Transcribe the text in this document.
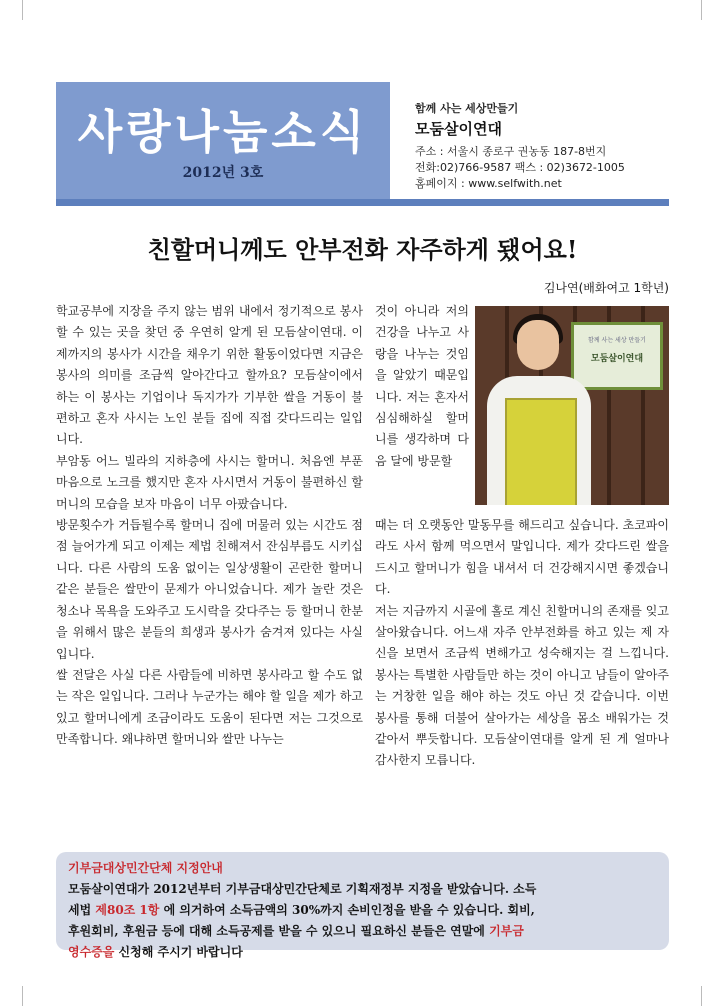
사랑나눔소식
2012년 3호
함께 사는 세상만들기
모둠살이연대
주소 : 서울시 종로구 권농동 187-8번지
전화:02)766-9587 팩스 : 02)3672-1005
홈페이지 : www.selfwith.net
친할머니께도 안부전화 자주하게 됐어요!
김나연(배화여고 1학년)

학교공부에 지장을 주지 않는 범위 내에서 정기적으로 봉사할 수 있는 곳을 찾던 중 우연히 알게 된 모듬살이연대. 이제까지의 봉사가 시간을 채우기 위한 활동이었다면 지금은 봉사의 의미를 조금씩 알아간다고 할까요? 모듬살이에서 하는 이 봉사는 기업이나 독지가가 기부한 쌀을 거동이 불편하고 혼자 사시는 노인 분들 집에 직접 갖다드리는 일입니다.

부암동 어느 빌라의 지하층에 사시는 할머니. 처음엔 부푼 마음으로 노크를 했지만 혼자 사시면서 거동이 불편하신 할머니의 모습을 보자 마음이 너무 아팠습니다.

방문횟수가 거듭될수록 할머니 집에 머물러 있는 시간도 점점 늘어가게 되고 이제는 제법 친해져서 잔심부름도 시키십니다. 다른 사람의 도움 없이는 일상생활이 곤란한 할머니 같은 분들은 쌀만이 문제가 아니었습니다. 제가 놀란 것은 청소나 목욕을 도와주고 도시락을 갖다주는 등 할머니 한분을 위해서 많은 분들의 희생과 봉사가 숨겨져 있다는 사실입니다.

쌀 전달은 사실 다른 사람들에 비하면 봉사라고 할 수도 없는 작은 일입니다. 그러나 누군가는 해야 할 일을 제가 하고 있고 할머니에게 조금이라도 도움이 된다면 저는 그것으로 만족합니다. 왜냐하면 할머니와 쌀만 나누는

것이 아니라 저의 건강을 나누고 사랑을 나누는 것임을 알았기 때문입니다. 저는 혼자서 심심해하실 할머니를 생각하며 다음 달에 방문할

함께 사는 세상 만들기
모둠살이연대

때는 더 오랫동안 말동무를 해드리고 싶습니다. 초코파이라도 사서 함께 먹으면서 말입니다. 제가 갖다드린 쌀을 드시고 할머니가 힘을 내셔서 더 건강해지시면 좋겠습니다.

저는 지금까지 시골에 홀로 계신 친할머니의 존재를 잊고 살아왔습니다. 어느새 자주 안부전화를 하고 있는 제 자신을 보면서 조금씩 변해가고 성숙해지는 걸 느낍니다. 봉사는 특별한 사람들만 하는 것이 아니고 남들이 알아주는 거창한 일을 해야 하는 것도 아닌 것 같습니다. 이번 봉사를 통해 더불어 살아가는 세상을 몸소 배워가는 것 같아서 뿌듯합니다. 모듬살이연대를 알게 된 게 얼마나 감사한지 모릅니다.

기부금대상민간단체 지정안내
모둠살이연대가 2012년부터 기부금대상민간단체로 기획재정부 지정을 받았습니다. 소득
세법 제80조 1항 에 의거하여 소득금액의 30%까지 손비인정을 받을 수 있습니다. 회비,
후원회비, 후원금 등에 대해 소득공제를 받을 수 있으니 필요하신 분들은 연말에 기부금
영수증을 신청해 주시기 바랍니다
